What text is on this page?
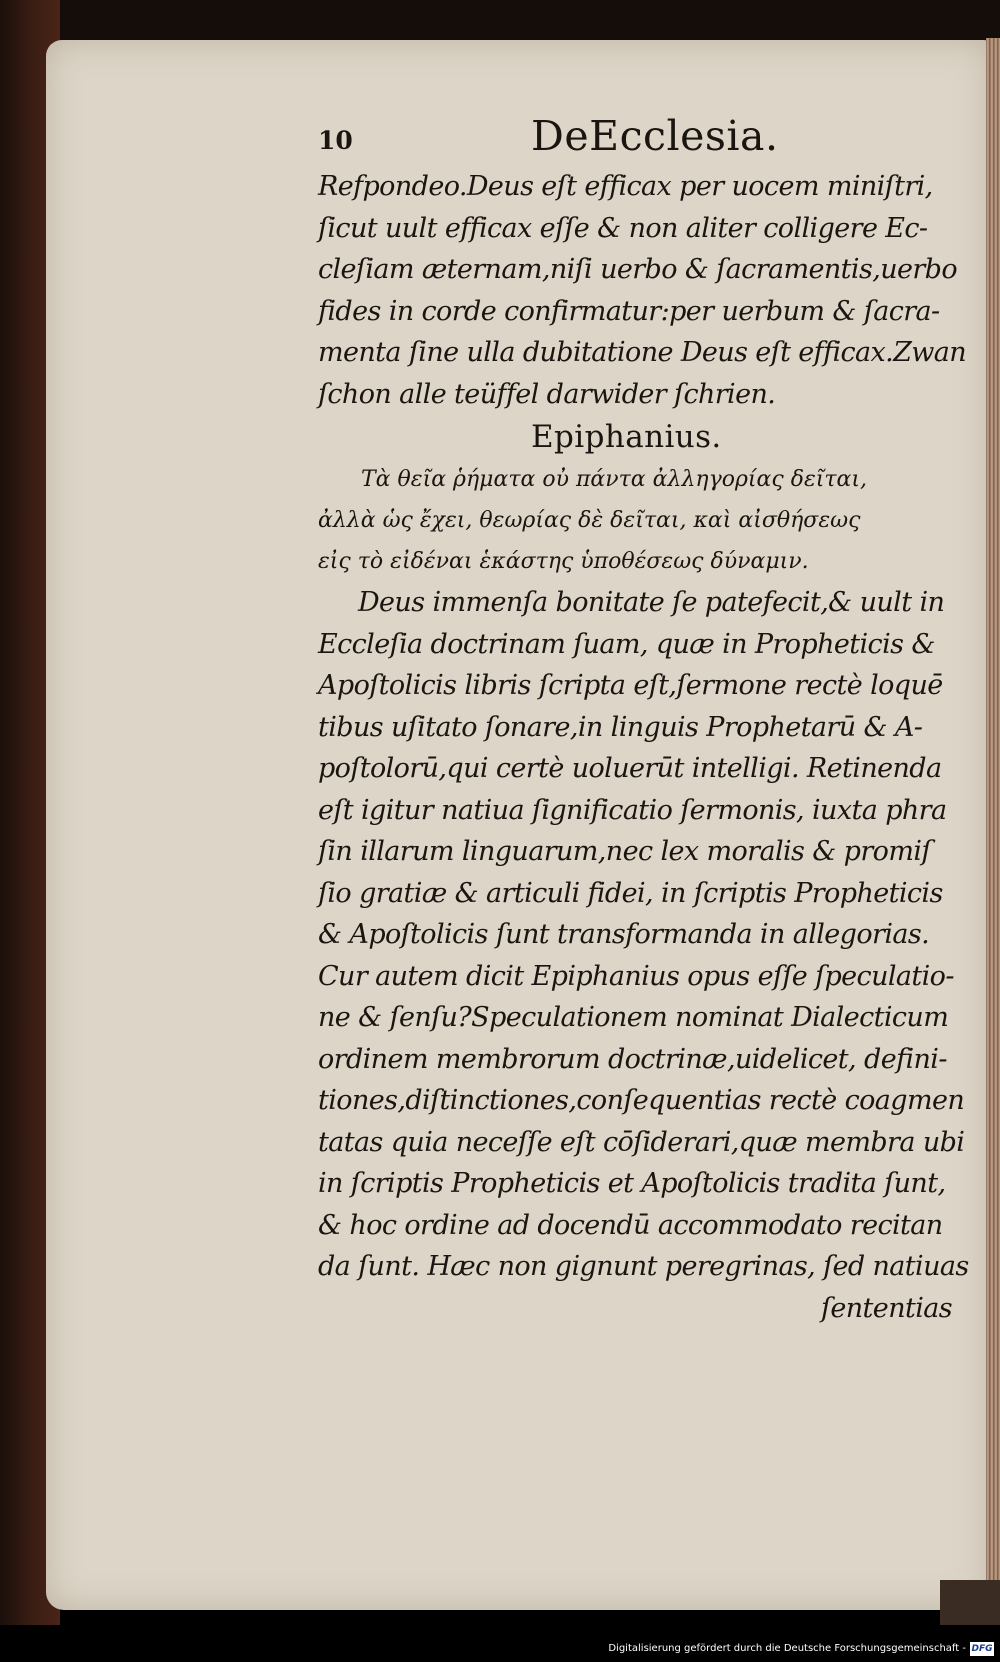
10	DeEcclesia.
Refpondeo.Deus eſt efficax per uocem miniſtri,
ſicut uult efficax eſſe & non aliter colligere Ec-
cleſiam æternam,niſi uerbo & ſacramentis,uerbo
fides in corde confirmatur:per uerbum & ſacra-
menta ſine ulla dubitatione Deus eſt efficax.Zwan
ſchon alle teüffel darwider ſchrien.
Epiphanius.
Τὰ θεῖα ῥήματα οὐ πάντα ἀλληγορίας δεῖται,
ἀλλὰ ὡς ἔχει, θεωρίας δὲ δεῖται, καὶ αἰσθήσεως
εἰς τὸ εἰδέναι ἑκάστης ὑποθέσεως δύναμιν.
Deus immenſa bonitate ſe patefecit,& uult in
Eccleſia doctrinam ſuam, quæ in Propheticis &
Apoſtolicis libris ſcripta eſt,ſermone rectè loquē
tibus uſitato ſonare,in linguis Prophetarū & A-
poſtolorū,qui certè uoluerūt intelligi. Retinenda
eſt igitur natiua ſignificatio ſermonis, iuxta phra
ſin illarum linguarum,nec lex moralis & promiſ
ſio gratiæ & articuli fidei, in ſcriptis Propheticis
& Apoſtolicis ſunt transformanda in allegorias.
Cur autem dicit Epiphanius opus eſſe ſpeculatio-
ne & ſenſu?Speculationem nominat Dialecticum
ordinem membrorum doctrinæ,uidelicet, defini-
tiones,diſtinctiones,conſequentias rectè coagmen
tatas quia neceſſe eſt cōſiderari,quæ membra ubi
in ſcriptis Propheticis et Apoſtolicis tradita ſunt,
& hoc ordine ad docendū accommodato recitan
da ſunt. Hæc non gignunt peregrinas, ſed natiuas
ſententias
Digitalisierung gefördert durch die Deutsche Forschungsgemeinschaft - DFG
